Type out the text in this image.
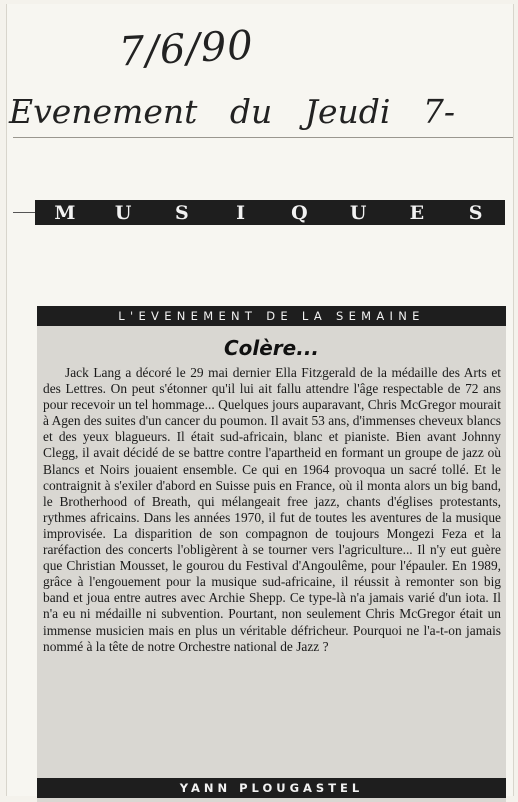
7/6/90
Evenement du Jeudi 7-
M U S I Q U E S
L'EVENEMENT DE LA SEMAINE
Colère...

Jack Lang a décoré le 29 mai dernier Ella Fitzgerald de la médaille des Arts et des Lettres. On peut s'étonner qu'il lui ait fallu attendre l'âge respectable de 72 ans pour recevoir un tel hommage... Quelques jours auparavant, Chris McGregor mourait à Agen des suites d'un cancer du poumon. Il avait 53 ans, d'immenses cheveux blancs et des yeux blagueurs. Il était sud-africain, blanc et pianiste. Bien avant Johnny Clegg, il avait décidé de se battre contre l'apartheid en formant un groupe de jazz où Blancs et Noirs jouaient ensemble. Ce qui en 1964 provoqua un sacré tollé. Et le contraignit à s'exiler d'abord en Suisse puis en France, où il monta alors un big band, le Brotherhood of Breath, qui mélangeait free jazz, chants d'églises protestants, rythmes africains. Dans les années 1970, il fut de toutes les aventures de la musique improvisée. La disparition de son compagnon de toujours Mongezi Feza et la raréfaction des concerts l'obligèrent à se tourner vers l'agriculture... Il n'y eut guère que Christian Mousset, le gourou du Festival d'Angoulême, pour l'épauler. En 1989, grâce à l'engouement pour la musique sud-africaine, il réussit à remonter son big band et joua entre autres avec Archie Shepp. Ce type-là n'a jamais varié d'un iota. Il n'a eu ni médaille ni subvention. Pourtant, non seulement Chris McGregor était un immense musicien mais en plus un véritable défricheur. Pourquoi ne l'a-t-on jamais nommé à la tête de notre Orchestre national de Jazz ?

YANN PLOUGASTEL
